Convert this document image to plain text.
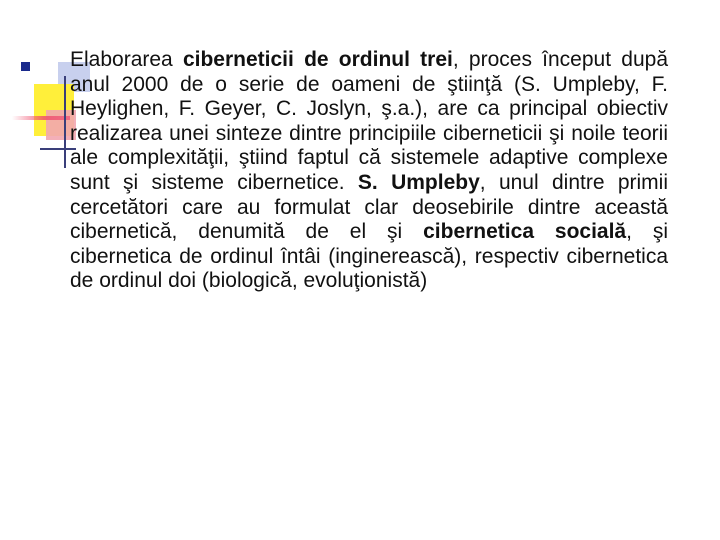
Elaborarea ciberneticii de ordinul trei, proces început după anul 2000 de o serie de oameni de ştiinţă (S. Umpleby, F. Heylighen, F. Geyer, C. Joslyn, ş.a.), are ca principal obiectiv realizarea unei sinteze dintre principiile ciberneticii şi noile teorii ale complexităţii, ştiind faptul că sistemele adaptive complexe sunt şi sisteme cibernetice. S. Umpleby, unul dintre primii cercetători care au formulat clar deosebirile dintre această cibernetică, denumită de el şi cibernetica socială, şi cibernetica de ordinul întâi (inginerească), respectiv cibernetica de ordinul doi (biologică, evoluţionistă)
